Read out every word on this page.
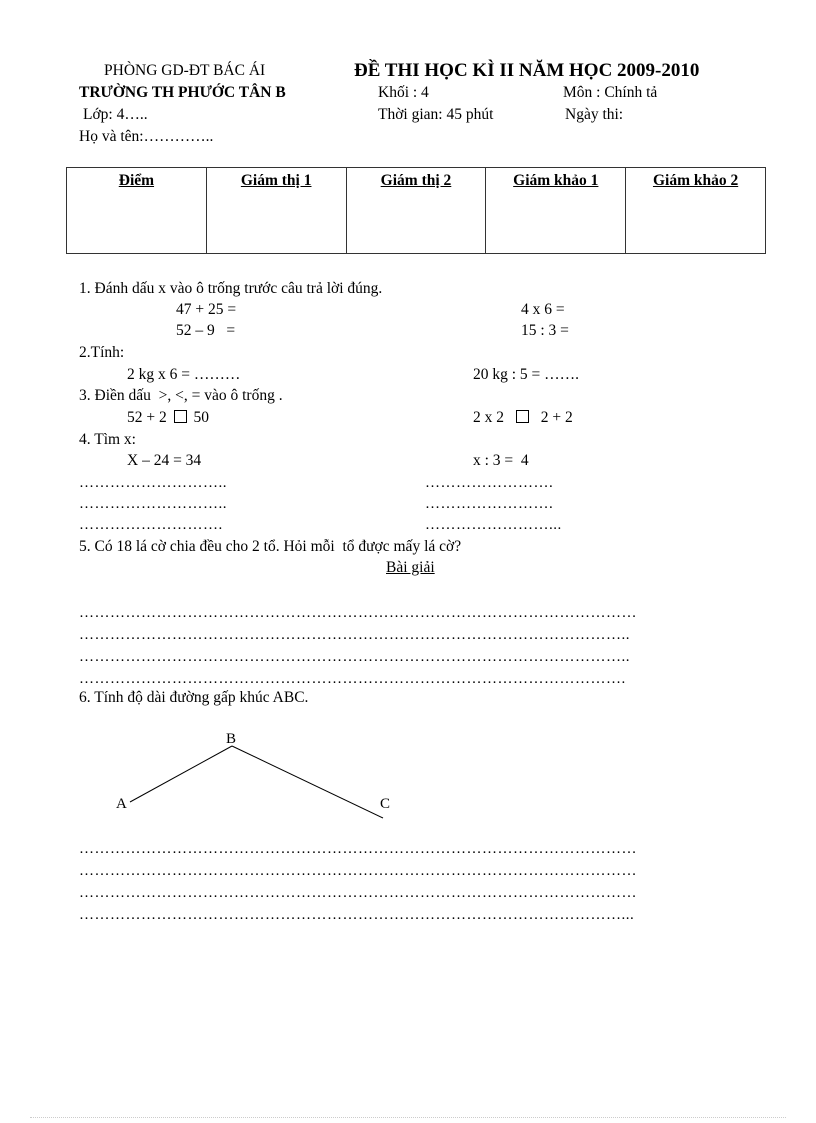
PHÒNG GD-ĐT BÁC ÁI	ĐỀ THI HỌC KÌ II NĂM HỌC 2009-2010
TRƯỜNG TH PHƯỚC TÂN B	Khối : 4	Môn : Chính tả
Lớp: 4…..	Thời gian: 45 phút	Ngày thi:
Họ và tên:…………..
Điểm	Giám thị 1	Giám thị 2	Giám khảo 1	Giám khảo 2
1. Đánh dấu x vào ô trống trước câu trả lời đúng.
47 + 25 =	4 x 6 =
52 – 9   =	15 : 3 =
2.Tính:
2 kg x 6 = ………	20 kg : 5 = …….
3. Điền dấu  >, <, = vào ô trống .
52 + 2 50	2 x 2 2 + 2
4. Tìm x:
X – 24 = 34	x : 3 =  4
………………………..	…………………….
………………………..	…………………….
……………………….	……………………...
5. Có 18 lá cờ chia đều cho 2 tổ. Hỏi mỗi  tổ được mấy lá cờ?
Bài giải
………………………………………………………………………………………………
……………………………………………………………………………………………..
……………………………………………………………………………………………..
…………………………………………………………………………………………….
6. Tính độ dài đường gấp khúc ABC.
A
B
C
………………………………………………………………………………………………
………………………………………………………………………………………………
………………………………………………………………………………………………
……………………………………………………………………………………………...
